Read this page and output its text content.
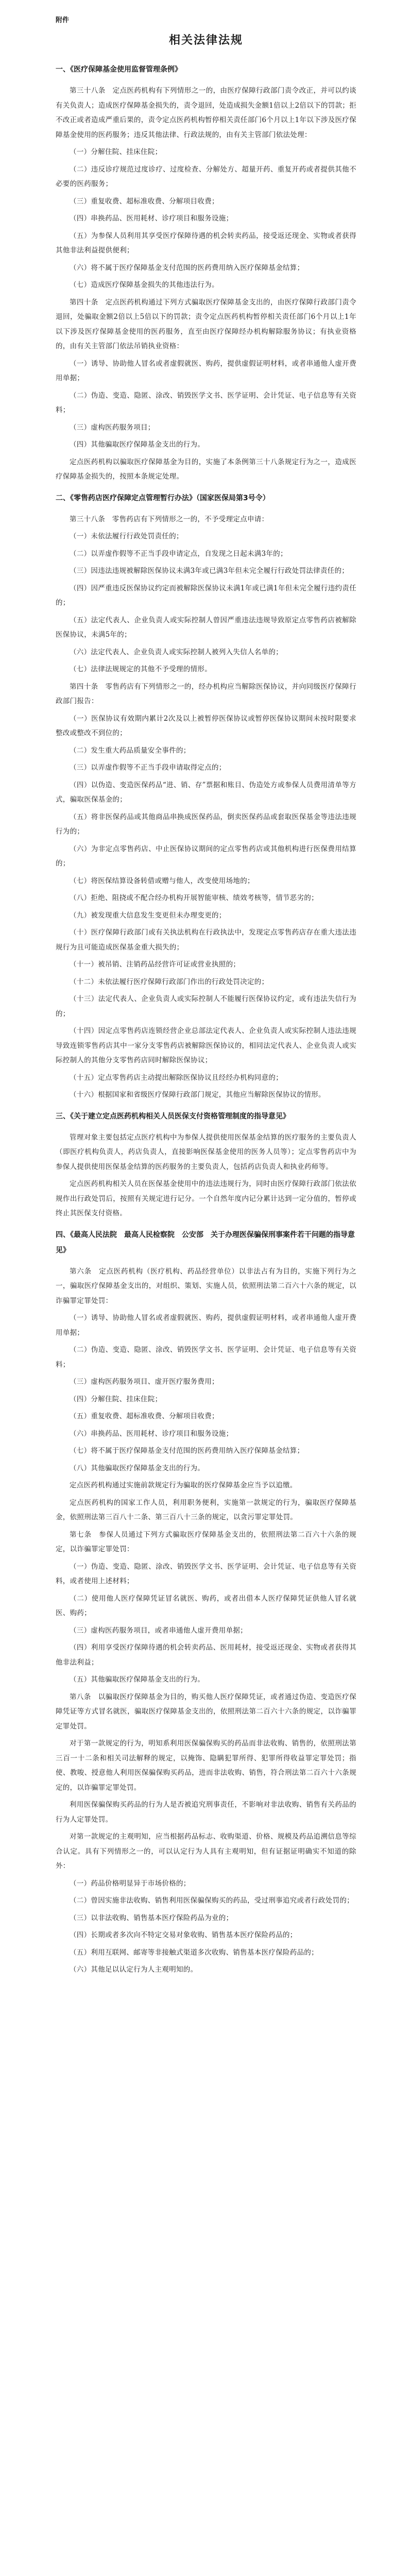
附件
相关法律法规
一、《医疗保障基金使用监督管理条例》

第三十八条　定点医药机构有下列情形之一的，由医疗保障行政部门责令改正，并可以约谈有关负责人；造成医疗保障基金损失的，责令退回，处造成损失金额1倍以上2倍以下的罚款；拒不改正或者造成严重后果的，责令定点医药机构暂停相关责任部门6个月以上1年以下涉及医疗保障基金使用的医药服务；违反其他法律、行政法规的，由有关主管部门依法处理：

（一）分解住院、挂床住院；

（二）违反诊疗规范过度诊疗、过度检查、分解处方、超量开药、重复开药或者提供其他不必要的医药服务；

（三）重复收费、超标准收费、分解项目收费；

（四）串换药品、医用耗材、诊疗项目和服务设施；

（五）为参保人员利用其享受医疗保障待遇的机会转卖药品，接受返还现金、实物或者获得其他非法利益提供便利；

（六）将不属于医疗保障基金支付范围的医药费用纳入医疗保障基金结算；

（七）造成医疗保障基金损失的其他违法行为。

第四十条　定点医药机构通过下列方式骗取医疗保障基金支出的，由医疗保障行政部门责令退回，处骗取金额2倍以上5倍以下的罚款；责令定点医药机构暂停相关责任部门6个月以上1年以下涉及医疗保障基金使用的医药服务，直至由医疗保障经办机构解除服务协议；有执业资格的，由有关主管部门依法吊销执业资格：

（一）诱导、协助他人冒名或者虚假就医、购药，提供虚假证明材料，或者串通他人虚开费用单据；

（二）伪造、变造、隐匿、涂改、销毁医学文书、医学证明、会计凭证、电子信息等有关资料；

（三）虚构医药服务项目；

（四）其他骗取医疗保障基金支出的行为。

定点医药机构以骗取医疗保障基金为目的，实施了本条例第三十八条规定行为之一，造成医疗保障基金损失的，按照本条规定处理。

二、《零售药店医疗保障定点管理暂行办法》（国家医保局第3号令）

第三十八条　零售药店有下列情形之一的，不予受理定点申请：

（一）未依法履行行政处罚责任的；

（二）以弄虚作假等不正当手段申请定点，自发现之日起未满3年的；

（三）因违法违规被解除医保协议未满3年或已满3年但未完全履行行政处罚法律责任的；

（四）因严重违反医保协议约定而被解除医保协议未满1年或已满1年但未完全履行违约责任的；

（五）法定代表人、企业负责人或实际控制人曾因严重违法违规导致原定点零售药店被解除医保协议，未满5年的；

（六）法定代表人、企业负责人或实际控制人被列入失信人名单的；

（七）法律法规规定的其他不予受理的情形。

第四十条　零售药店有下列情形之一的，经办机构应当解除医保协议，并向同级医疗保障行政部门报告：

（一）医保协议有效期内累计2次及以上被暂停医保协议或暂停医保协议期间未按时限要求整改或整改不到位的；

（二）发生重大药品质量安全事件的；

（三）以弄虚作假等不正当手段申请取得定点的；

（四）以伪造、变造医保药品“进、销、存”票据和账目、伪造处方或参保人员费用清单等方式，骗取医保基金的；

（五）将非医保药品或其他商品串换成医保药品，倒卖医保药品或套取医保基金等违法违规行为的；

（六）为非定点零售药店、中止医保协议期间的定点零售药店或其他机构进行医保费用结算的；

（七）将医保结算设备转借或赠与他人，改变使用场地的；

（八）拒绝、阻挠或不配合经办机构开展智能审核、绩效考核等，情节恶劣的；

（九）被发现重大信息发生变更但未办理变更的；

（十）医疗保障行政部门或有关执法机构在行政执法中，发现定点零售药店存在重大违法违规行为且可能造成医保基金重大损失的；

（十一）被吊销、注销药品经营许可证或营业执照的；

（十二）未依法履行医疗保障行政部门作出的行政处罚决定的；

（十三）法定代表人、企业负责人或实际控制人不能履行医保协议约定，或有违法失信行为的；

（十四）因定点零售药店连锁经营企业总部法定代表人、企业负责人或实际控制人违法违规导致连锁零售药店其中一家分支零售药店被解除医保协议的，相同法定代表人、企业负责人或实际控制人的其他分支零售药店同时解除医保协议；

（十五）定点零售药店主动提出解除医保协议且经经办机构同意的；

（十六）根据国家和省级医疗保障行政部门规定，其他应当解除医保协议的情形。

三、《关于建立定点医药机构相关人员医保支付资格管理制度的指导意见》

管理对象主要包括定点医疗机构中为参保人提供使用医保基金结算的医疗服务的主要负责人（即医疗机构负责人，药店负责人，直接影响医保基金使用的医务人员等）；定点零售药店中为参保人提供使用医保基金结算的医药服务的主要负责人，包括药店负责人和执业药师等。

定点医药机构相关人员在医保基金使用中的违法违规行为，同时由医疗保障行政部门依法依规作出行政处罚后，按照有关规定进行记分。一个自然年度内记分累计达到一定分值的，暂停或终止其医保支付资格。

四、《最高人民法院　最高人民检察院　公安部　关于办理医保骗保刑事案件若干问题的指导意见》

第六条　定点医药机构（医疗机构、药品经营单位）以非法占有为目的，实施下列行为之一，骗取医疗保障基金支出的，对组织、策划、实施人员，依照刑法第二百六十六条的规定，以诈骗罪定罪处罚：

（一）诱导、协助他人冒名或者虚假就医、购药，提供虚假证明材料，或者串通他人虚开费用单据；

（二）伪造、变造、隐匿、涂改、销毁医学文书、医学证明、会计凭证、电子信息等有关资料；

（三）虚构医药服务项目、虚开医疗服务费用；

（四）分解住院、挂床住院；

（五）重复收费、超标准收费、分解项目收费；

（六）串换药品、医用耗材、诊疗项目和服务设施；

（七）将不属于医疗保障基金支付范围的医药费用纳入医疗保障基金结算；

（八）其他骗取医疗保障基金支出的行为。

定点医药机构通过实施前款规定行为骗取的医疗保障基金应当予以追缴。

定点医药机构的国家工作人员，利用职务便利，实施第一款规定的行为，骗取医疗保障基金，依照刑法第三百八十二条、第三百八十三条的规定，以贪污罪定罪处罚。

第七条　参保人员通过下列方式骗取医疗保障基金支出的，依照刑法第二百六十六条的规定，以诈骗罪定罪处罚：

（一）伪造、变造、隐匿、涂改、销毁医学文书、医学证明、会计凭证、电子信息等有关资料，或者使用上述材料；

（二）使用他人医疗保障凭证冒名就医、购药，或者出借本人医疗保障凭证供他人冒名就医、购药；

（三）虚构医药服务项目，或者串通他人虚开费用单据；

（四）利用享受医疗保障待遇的机会转卖药品、医用耗材，接受返还现金、实物或者获得其他非法利益；

（五）其他骗取医疗保障基金支出的行为。

第八条　以骗取医疗保障基金为目的，购买他人医疗保障凭证，或者通过伪造、变造医疗保障凭证等方式冒名就医，骗取医疗保障基金支出的，依照刑法第二百六十六条的规定，以诈骗罪定罪处罚。

对于第一款规定的行为，明知系利用医保骗保购买的药品而非法收购、销售的，依照刑法第三百一十二条和相关司法解释的规定，以掩饰、隐瞒犯罪所得、犯罪所得收益罪定罪处罚；指使、教唆、授意他人利用医保骗保购买药品，进而非法收购、销售，符合刑法第二百六十六条规定的，以诈骗罪定罪处罚。

利用医保骗保购买药品的行为人是否被追究刑事责任，不影响对非法收购、销售有关药品的行为人定罪处罚。

对第一款规定的主观明知，应当根据药品标志、收购渠道、价格、规模及药品追溯信息等综合认定。具有下列情形之一的，可以认定行为人具有主观明知，但有证据证明确实不知道的除外：

（一）药品价格明显异于市场价格的；

（二）曾因实施非法收购、销售利用医保骗保购买的药品，受过刑事追究或者行政处罚的；

（三）以非法收购、销售基本医疗保险药品为业的；

（四）长期或者多次向不特定交易对象收购、销售基本医疗保险药品的；

（五）利用互联网、邮寄等非接触式渠道多次收购、销售基本医疗保险药品的；

（六）其他足以认定行为人主观明知的。
